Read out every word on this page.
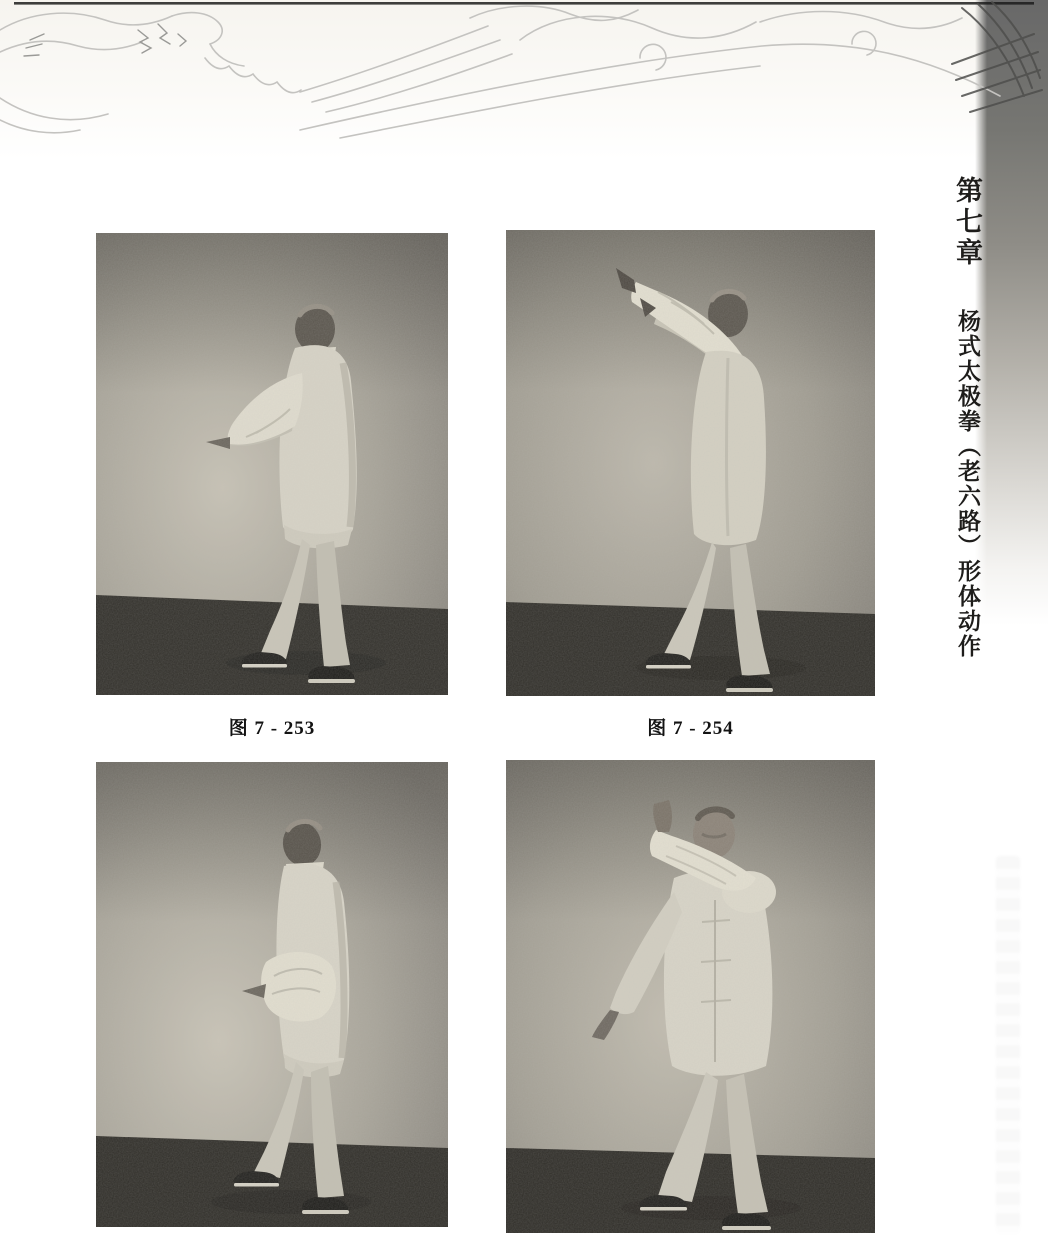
第七章杨式太极拳（老六路）形体动作
图 7 - 253	图 7 - 254
